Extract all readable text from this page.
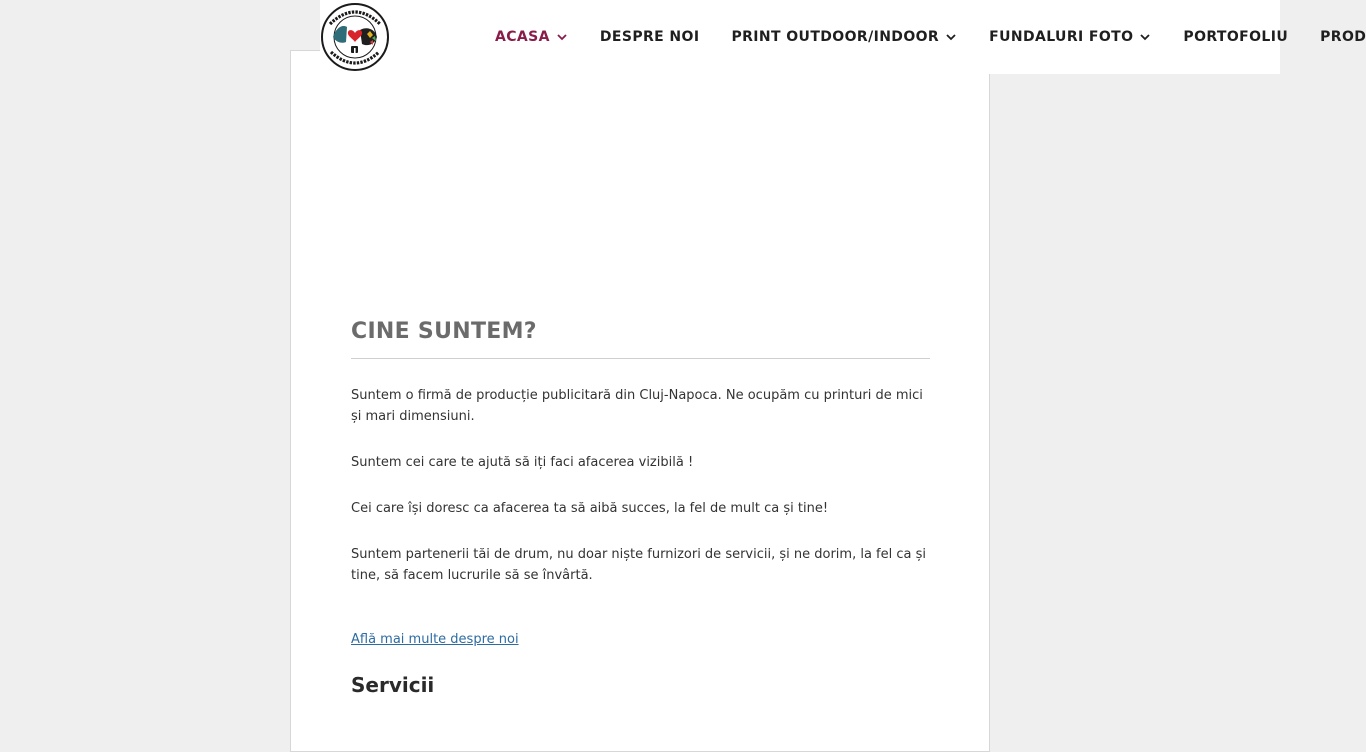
CINE SUNTEM?

Suntem o firmă de producție publicitară din Cluj-Napoca. Ne ocupăm cu printuri de mici și mari dimensiuni.

Suntem cei care te ajută să iți faci afacerea vizibilă !

Cei care își doresc ca afacerea ta să aibă succes, la fel de mult ca și tine!

Suntem partenerii tăi de drum, nu doar niște furnizori de servicii, și ne dorim, la fel ca și tine, să facem lucrurile să se învârtă.

Află mai multe despre noi
Servicii
ACASA	DESPRE NOI PRINT OUTDOOR/INDOOR	FUNDALURI FOTO	PORTOFOLIU PROD
